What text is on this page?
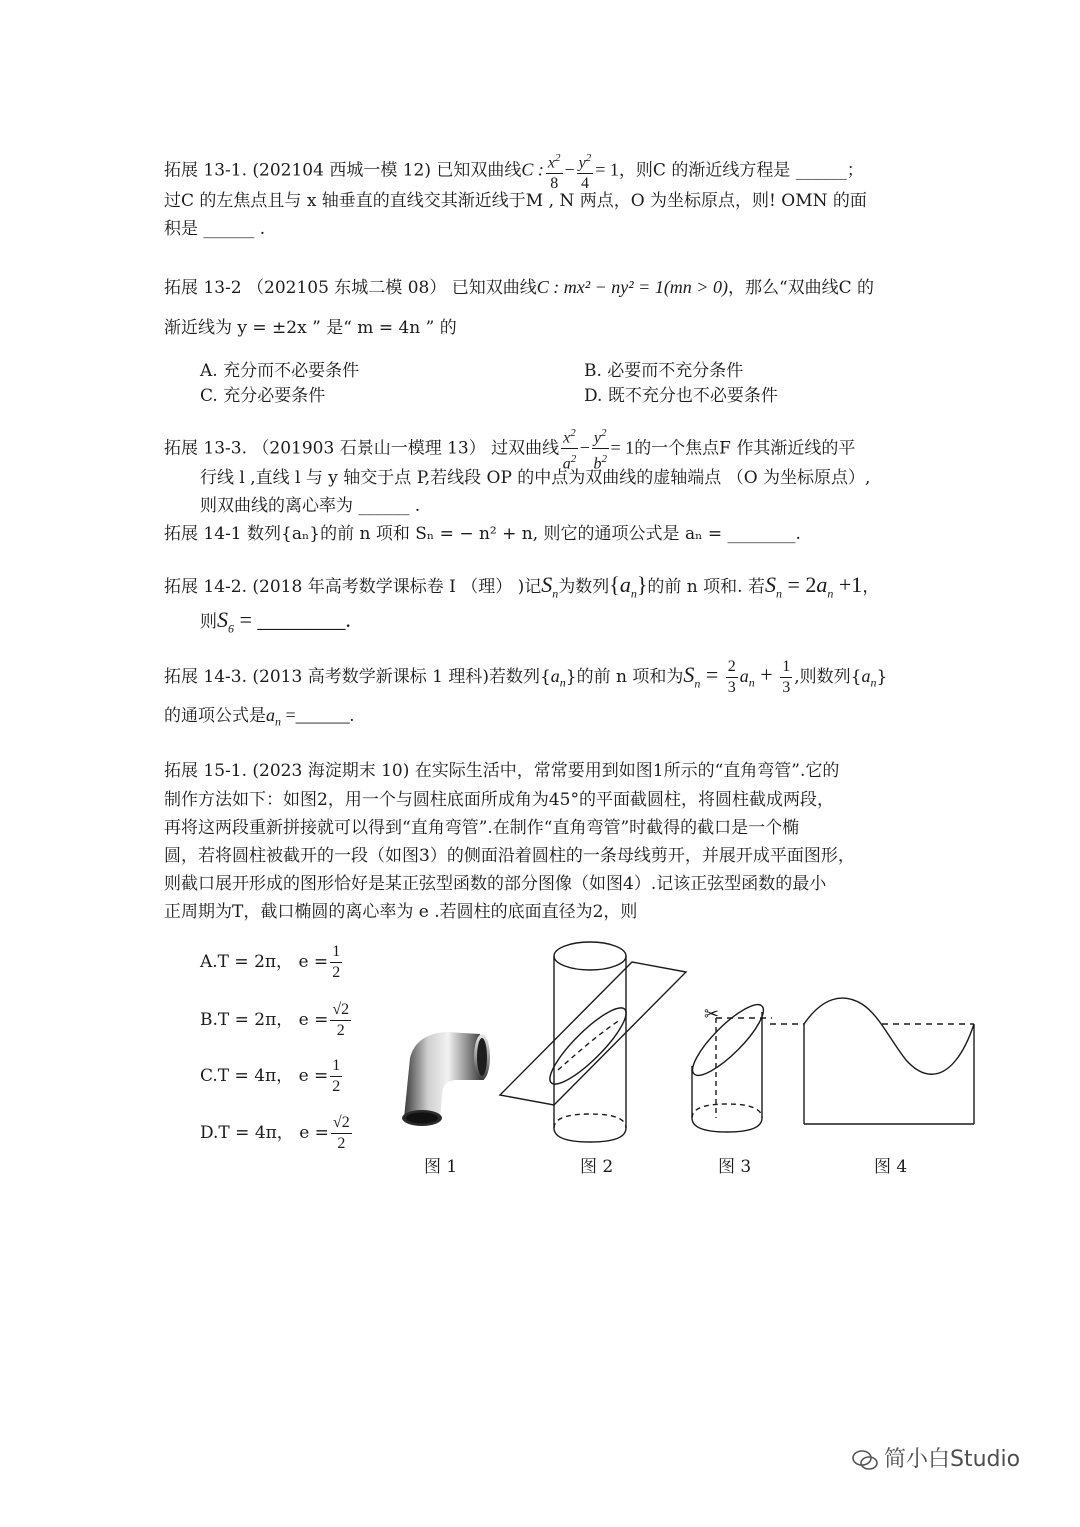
拓展 13-1. (202104 西城一模 12) 已知双曲线C : $\frac{x^2}{8} - \frac{y^2}{4} = 1$，则C 的渐近线方程是 ______；
过C 的左焦点且与 x 轴垂直的直线交其渐近线于M , N 两点，O 为坐标原点，则! OMN 的面
积是 ______ .
拓展 13-2 （202105 东城二模 08） 已知双曲线C : mx² − ny² = 1(mn > 0)，那么“双曲线C 的
渐近线为 y = ±2x ” 是“ m = 4n ” 的
A. 充分而不必要条件	B. 必要而不充分条件
C. 充分必要条件	D. 既不充分也不必要条件
拓展 13-3. （201903 石景山一模理 13） 过双曲线 $\frac{x^2}{a^2} - \frac{y^2}{b^2} = 1$的一个焦点F 作其渐近线的平
行线 l ,直线 l 与 y 轴交于点 P,若线段 OP 的中点为双曲线的虚轴端点 （O 为坐标原点）,
则双曲线的离心率为 ______ .
拓展 14-1 数列{aₙ}的前 n 项和 Sₙ = − n² + n, 则它的通项公式是 aₙ = ________.
拓展 14-2. (2018 年高考数学课标卷 I （理） )记$S_n$为数列$\{a_n\}$的前 n 项和. 若$S_n = 2a_n +1$，
则$S_6$ = ________.
拓展 14-3. (2013 高考数学新课标 1 理科)若数列$\{a_n\}$的前 n 项和为$S_n = \frac{2}{3} a_n + \frac{1}{3}$ ,则数列$\{a_n\}$
的通项公式是$a_n$ =______.
拓展 15-1. (2023 海淀期末 10) 在实际生活中，常常要用到如图1所示的“直角弯管”.它的
制作方法如下：如图2，用一个与圆柱底面所成角为45°的平面截圆柱，将圆柱截成两段，
再将这两段重新拼接就可以得到“直角弯管”.在制作“直角弯管”时截得的截口是一个椭
圆，若将圆柱被截开的一段（如图3）的侧面沿着圆柱的一条母线剪开，并展开成平面图形，
则截口展开形成的图形恰好是某正弦型函数的部分图像（如图4）.记该正弦型函数的最小
正周期为T，截口椭圆的离心率为 e .若圆柱的底面直径为2，则
A.T = 2π， $e = \frac{1}{2}$
B.T = 2π， $e = \frac{√2}{2}$
C.T = 4π， $e = \frac{1}{2}$
D.T = 4π， $e = \frac{√2}{2}$
✂
图 1	图 2	图 3	图 4
简小白Studio
